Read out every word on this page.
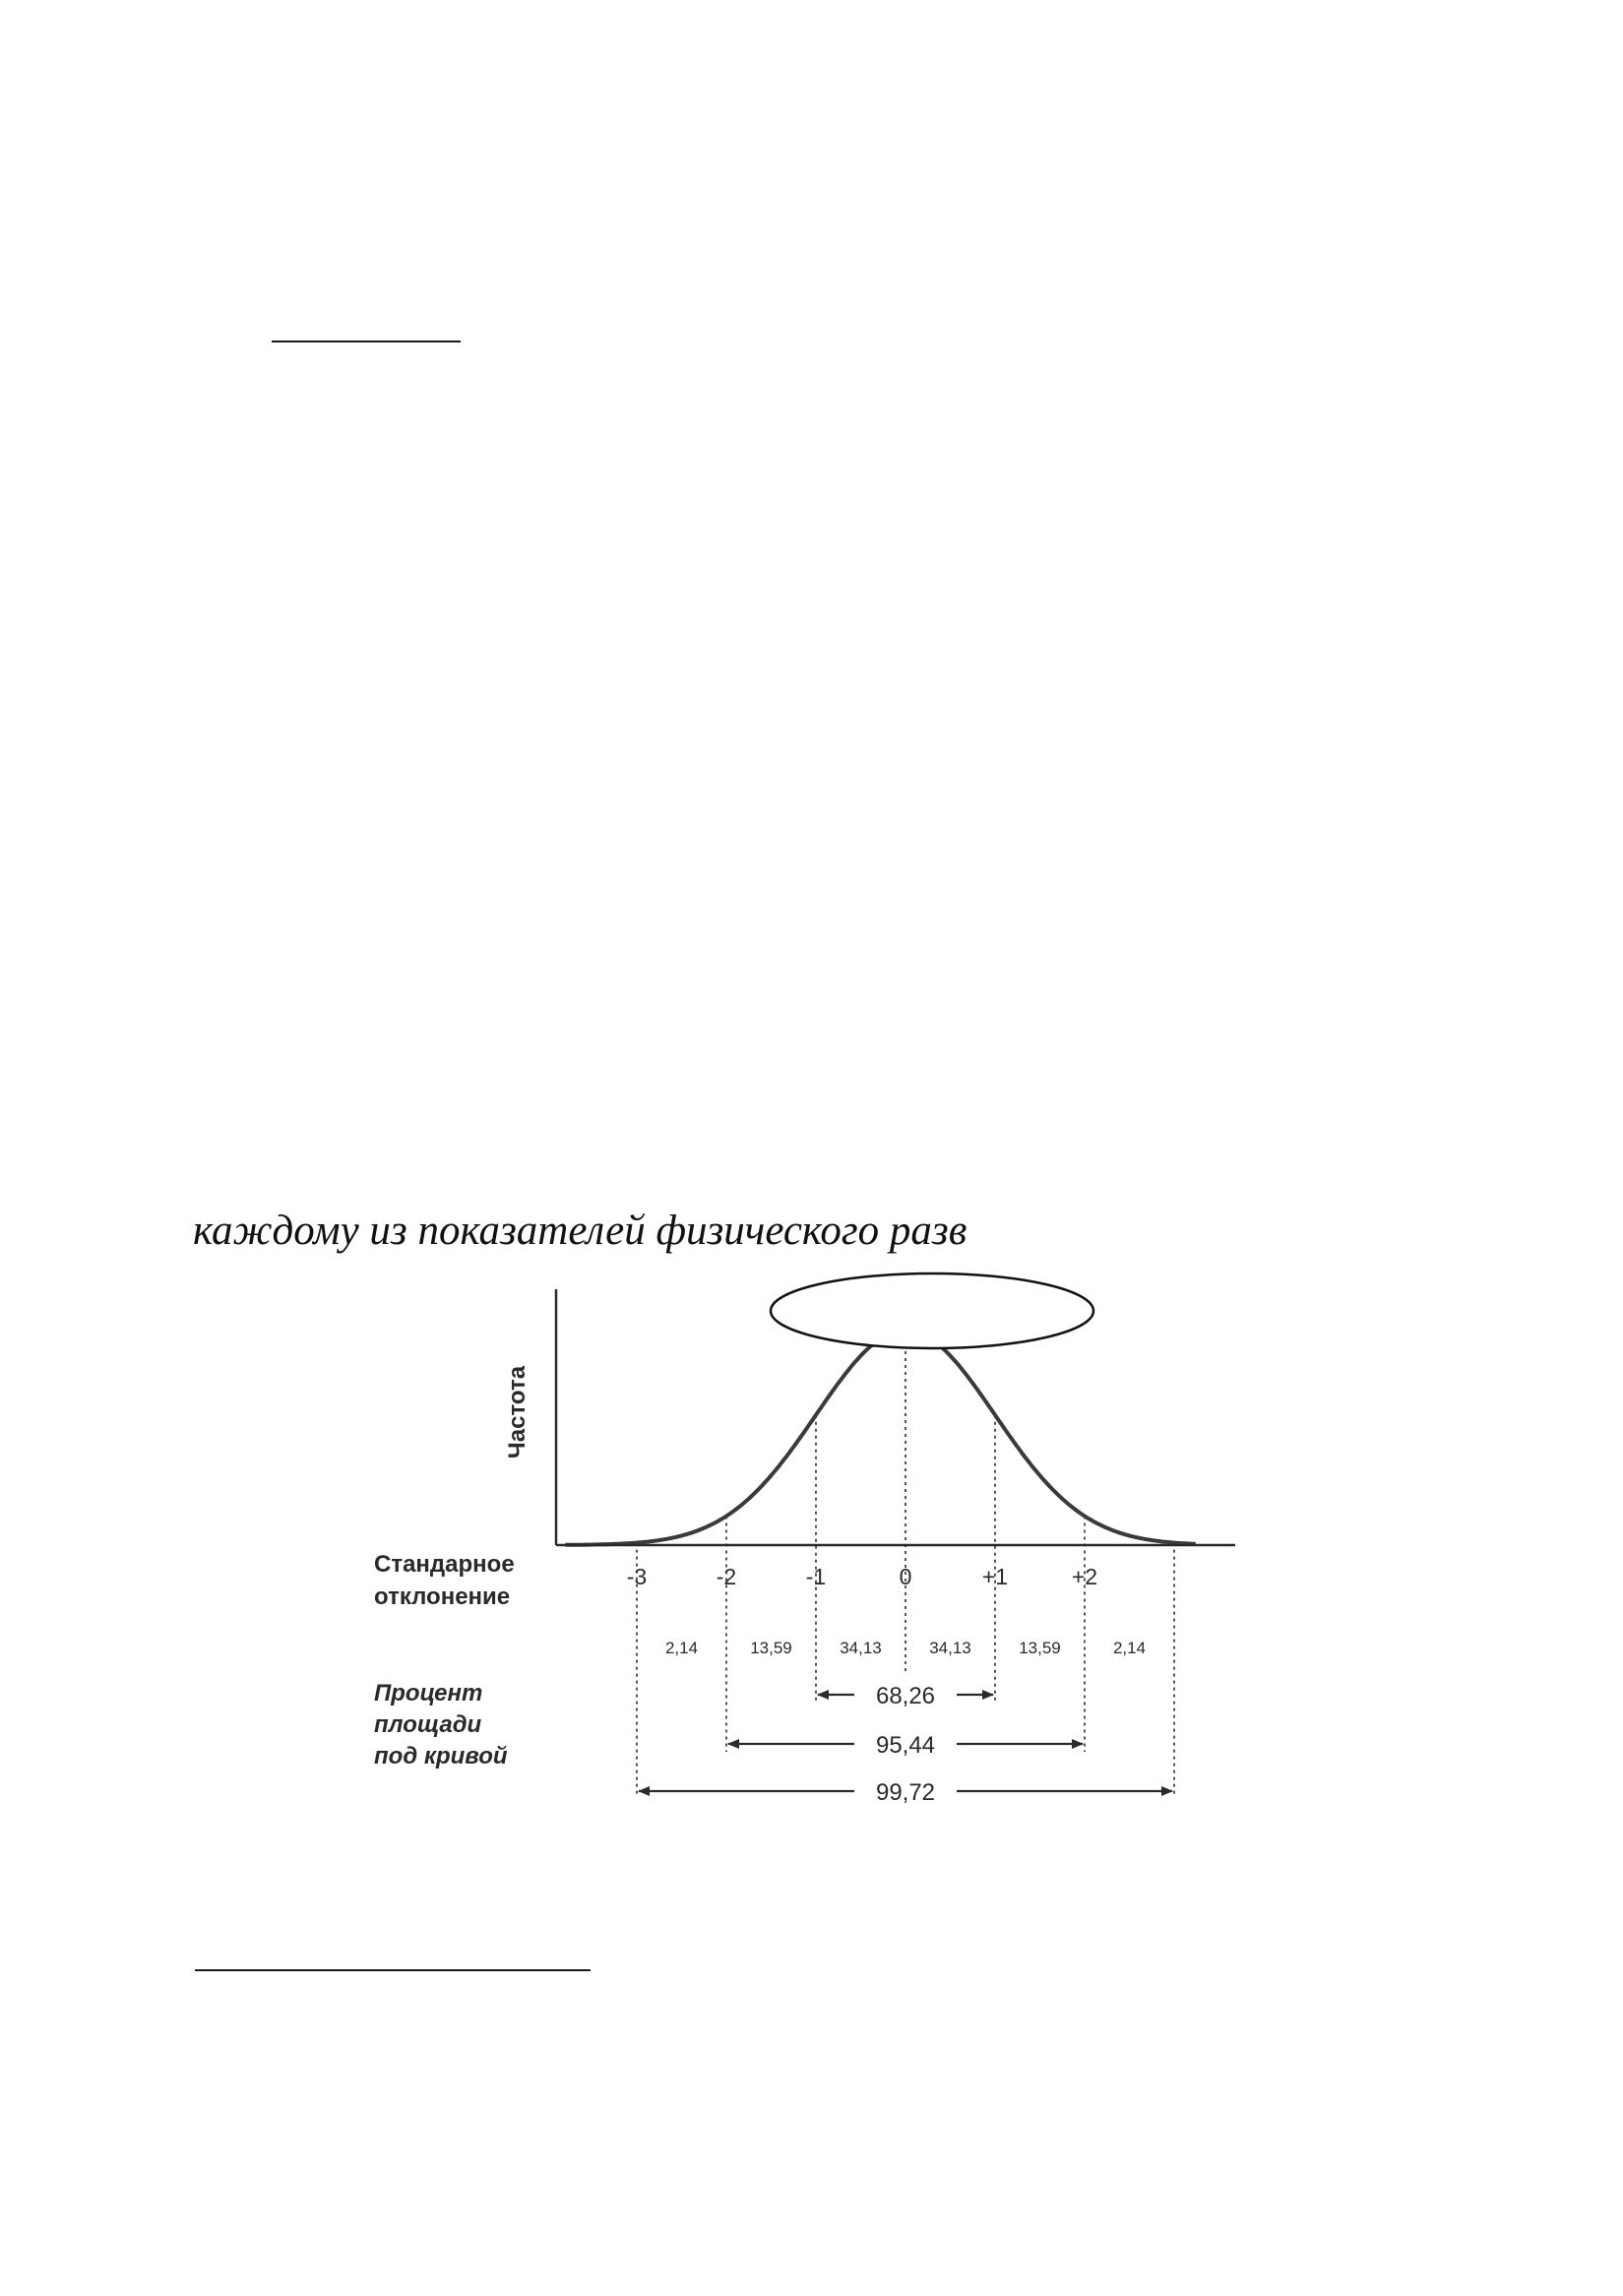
каждому из показателей физического разв
Частота
Стандарное
отклонение
Процент
площади
под кривой
-3	-2	-1	0	+1	+2
2,14	13,59	34,13	34,13	13,59	2,14
68,26
95,44
99,72
